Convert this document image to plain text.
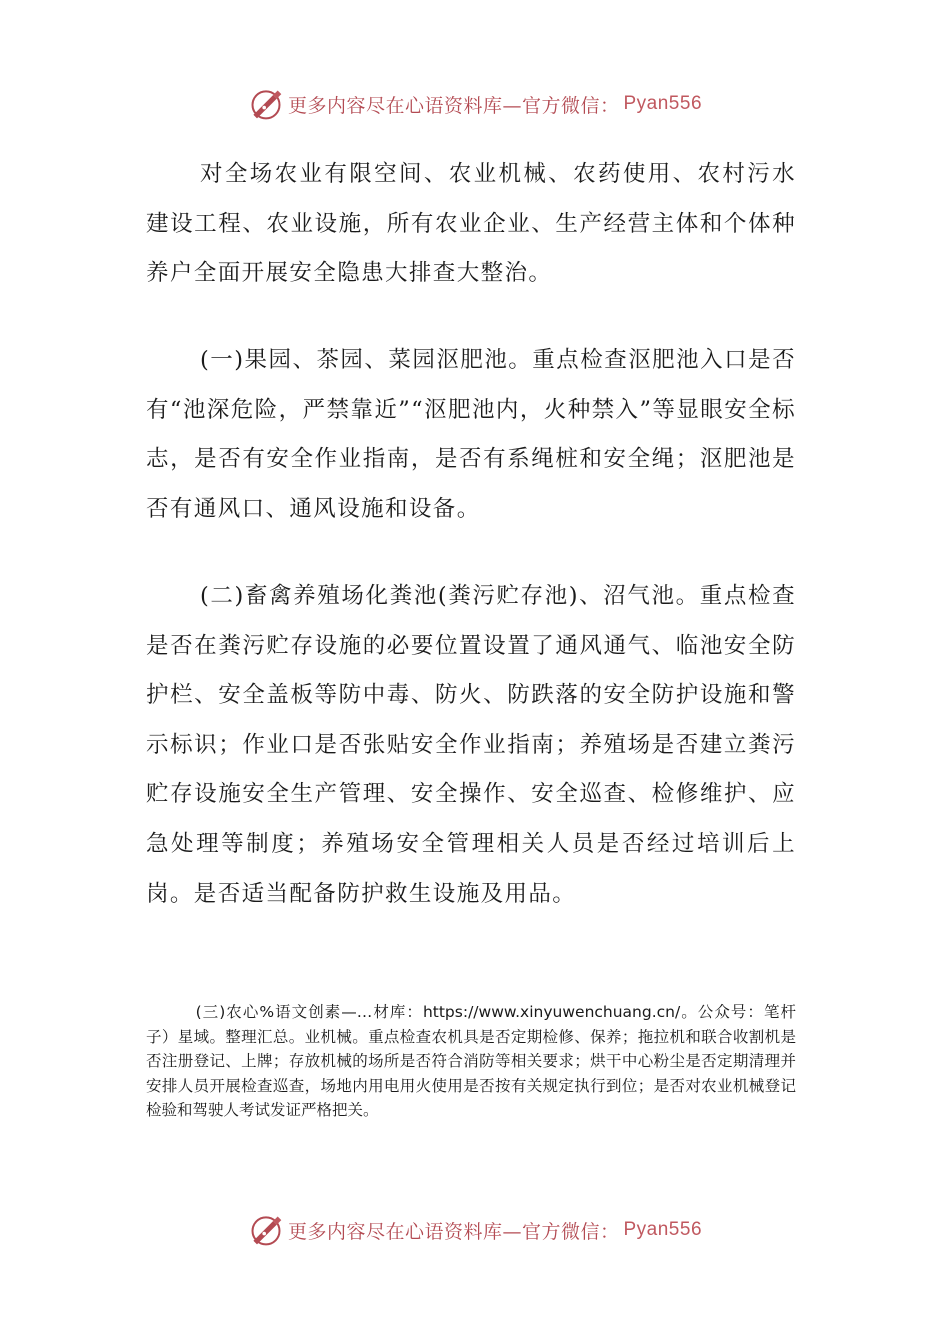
更多内容尽在心语资料库—官方微信： Pyan556

对全场农业有限空间、农业机械、农药使用、农村污水建设工程、农业设施，所有农业企业、生产经营主体和个体种养户全面开展安全隐患大排查大整治。

(一)果园、茶园、菜园沤肥池。重点检查沤肥池入口是否有“池深危险，严禁靠近”“沤肥池内，火种禁入”等显眼安全标志，是否有安全作业指南，是否有系绳桩和安全绳；沤肥池是否有通风口、通风设施和设备。

(二)畜禽养殖场化粪池(粪污贮存池)、沼气池。重点检查是否在粪污贮存设施的必要位置设置了通风通气、临池安全防护栏、安全盖板等防中毒、防火、防跌落的安全防护设施和警示标识；作业口是否张贴安全作业指南；养殖场是否建立粪污贮存设施安全生产管理、安全操作、安全巡查、检修维护、应急处理等制度；养殖场安全管理相关人员是否经过培训后上岗。是否适当配备防护救生设施及用品。

(三)农心%语文创素—…材库：https://www.xinyuwenchuang.cn/。公众号：笔杆子）星域。整理汇总。业机械。重点检查农机具是否定期检修、保养；拖拉机和联合收割机是否注册登记、上牌；存放机械的场所是否符合消防等相关要求；烘干中心粉尘是否定期清理并安排人员开展检查巡查，场地内用电用火使用是否按有关规定执行到位；是否对农业机械登记检验和驾驶人考试发证严格把关。

更多内容尽在心语资料库—官方微信： Pyan556
